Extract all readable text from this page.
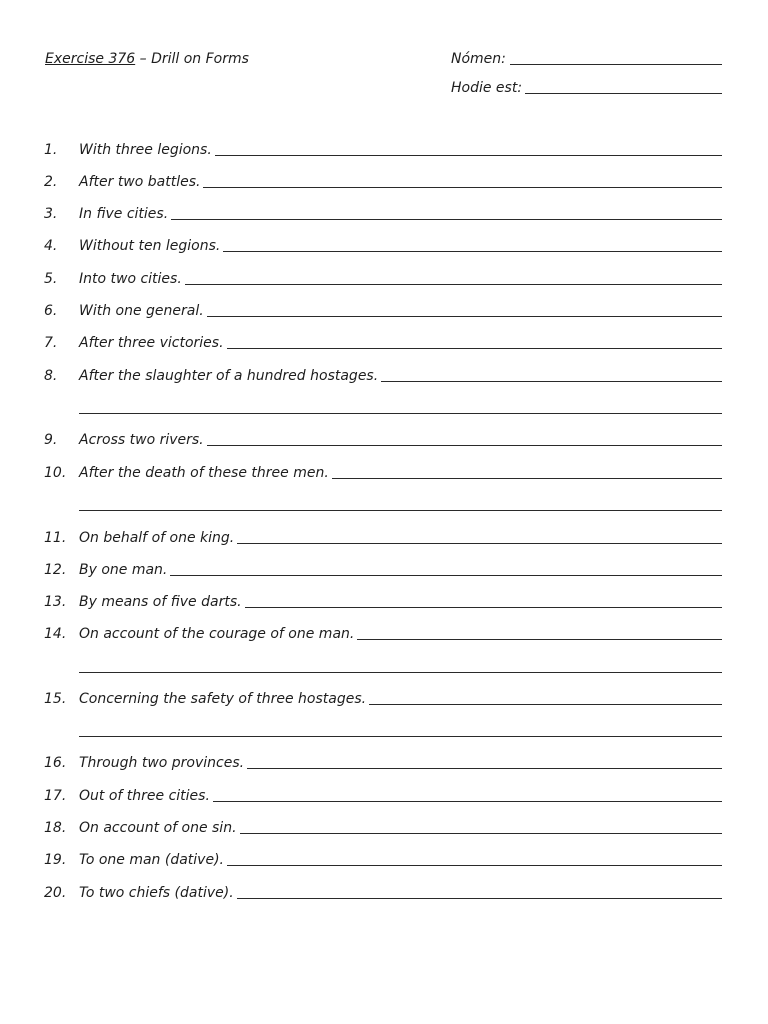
Exercise 376 – Drill on Forms	Nómen:
Hodie est:
1.	With three legions.
2.	After two battles.
3.	In five cities.
4.	Without ten legions.
5.	Into two cities.
6.	With one general.
7.	After three victories.
8.	After the slaughter of a hundred hostages.
9.	Across two rivers.
10. After the death of these three men.
11. On behalf of one king.
12. By one man.
13. By means of five darts.
14. On account of the courage of one man.
15. Concerning the safety of three hostages.
16. Through two provinces.
17. Out of three cities.
18. On account of one sin.
19. To one man (dative).
20. To two chiefs (dative).
